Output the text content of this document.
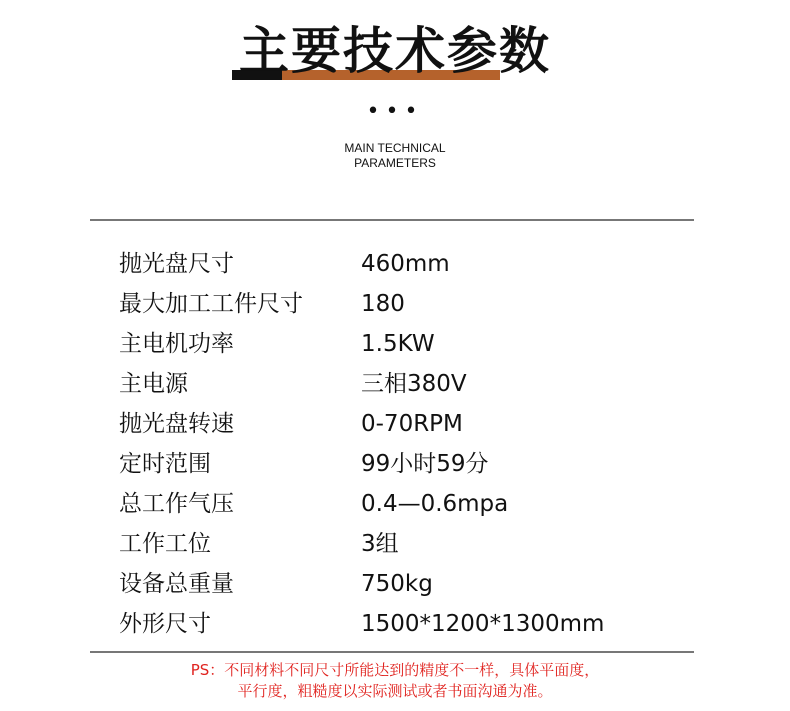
主要技术参数
•••
MAIN TECHNICAL
PARAMETERS
抛光盘尺寸	460mm
最大加工工件尺寸	180
主电机功率	1.5KW
主电源	三相380V
抛光盘转速	0-70RPM
定时范围	99小时59分
总工作气压	0.4—0.6mpa
工作工位	3组
设备总重量	750kg
外形尺寸	1500*1200*1300mm
PS：不同材料不同尺寸所能达到的精度不一样，具体平面度，
平行度，粗糙度以实际测试或者书面沟通为准。
